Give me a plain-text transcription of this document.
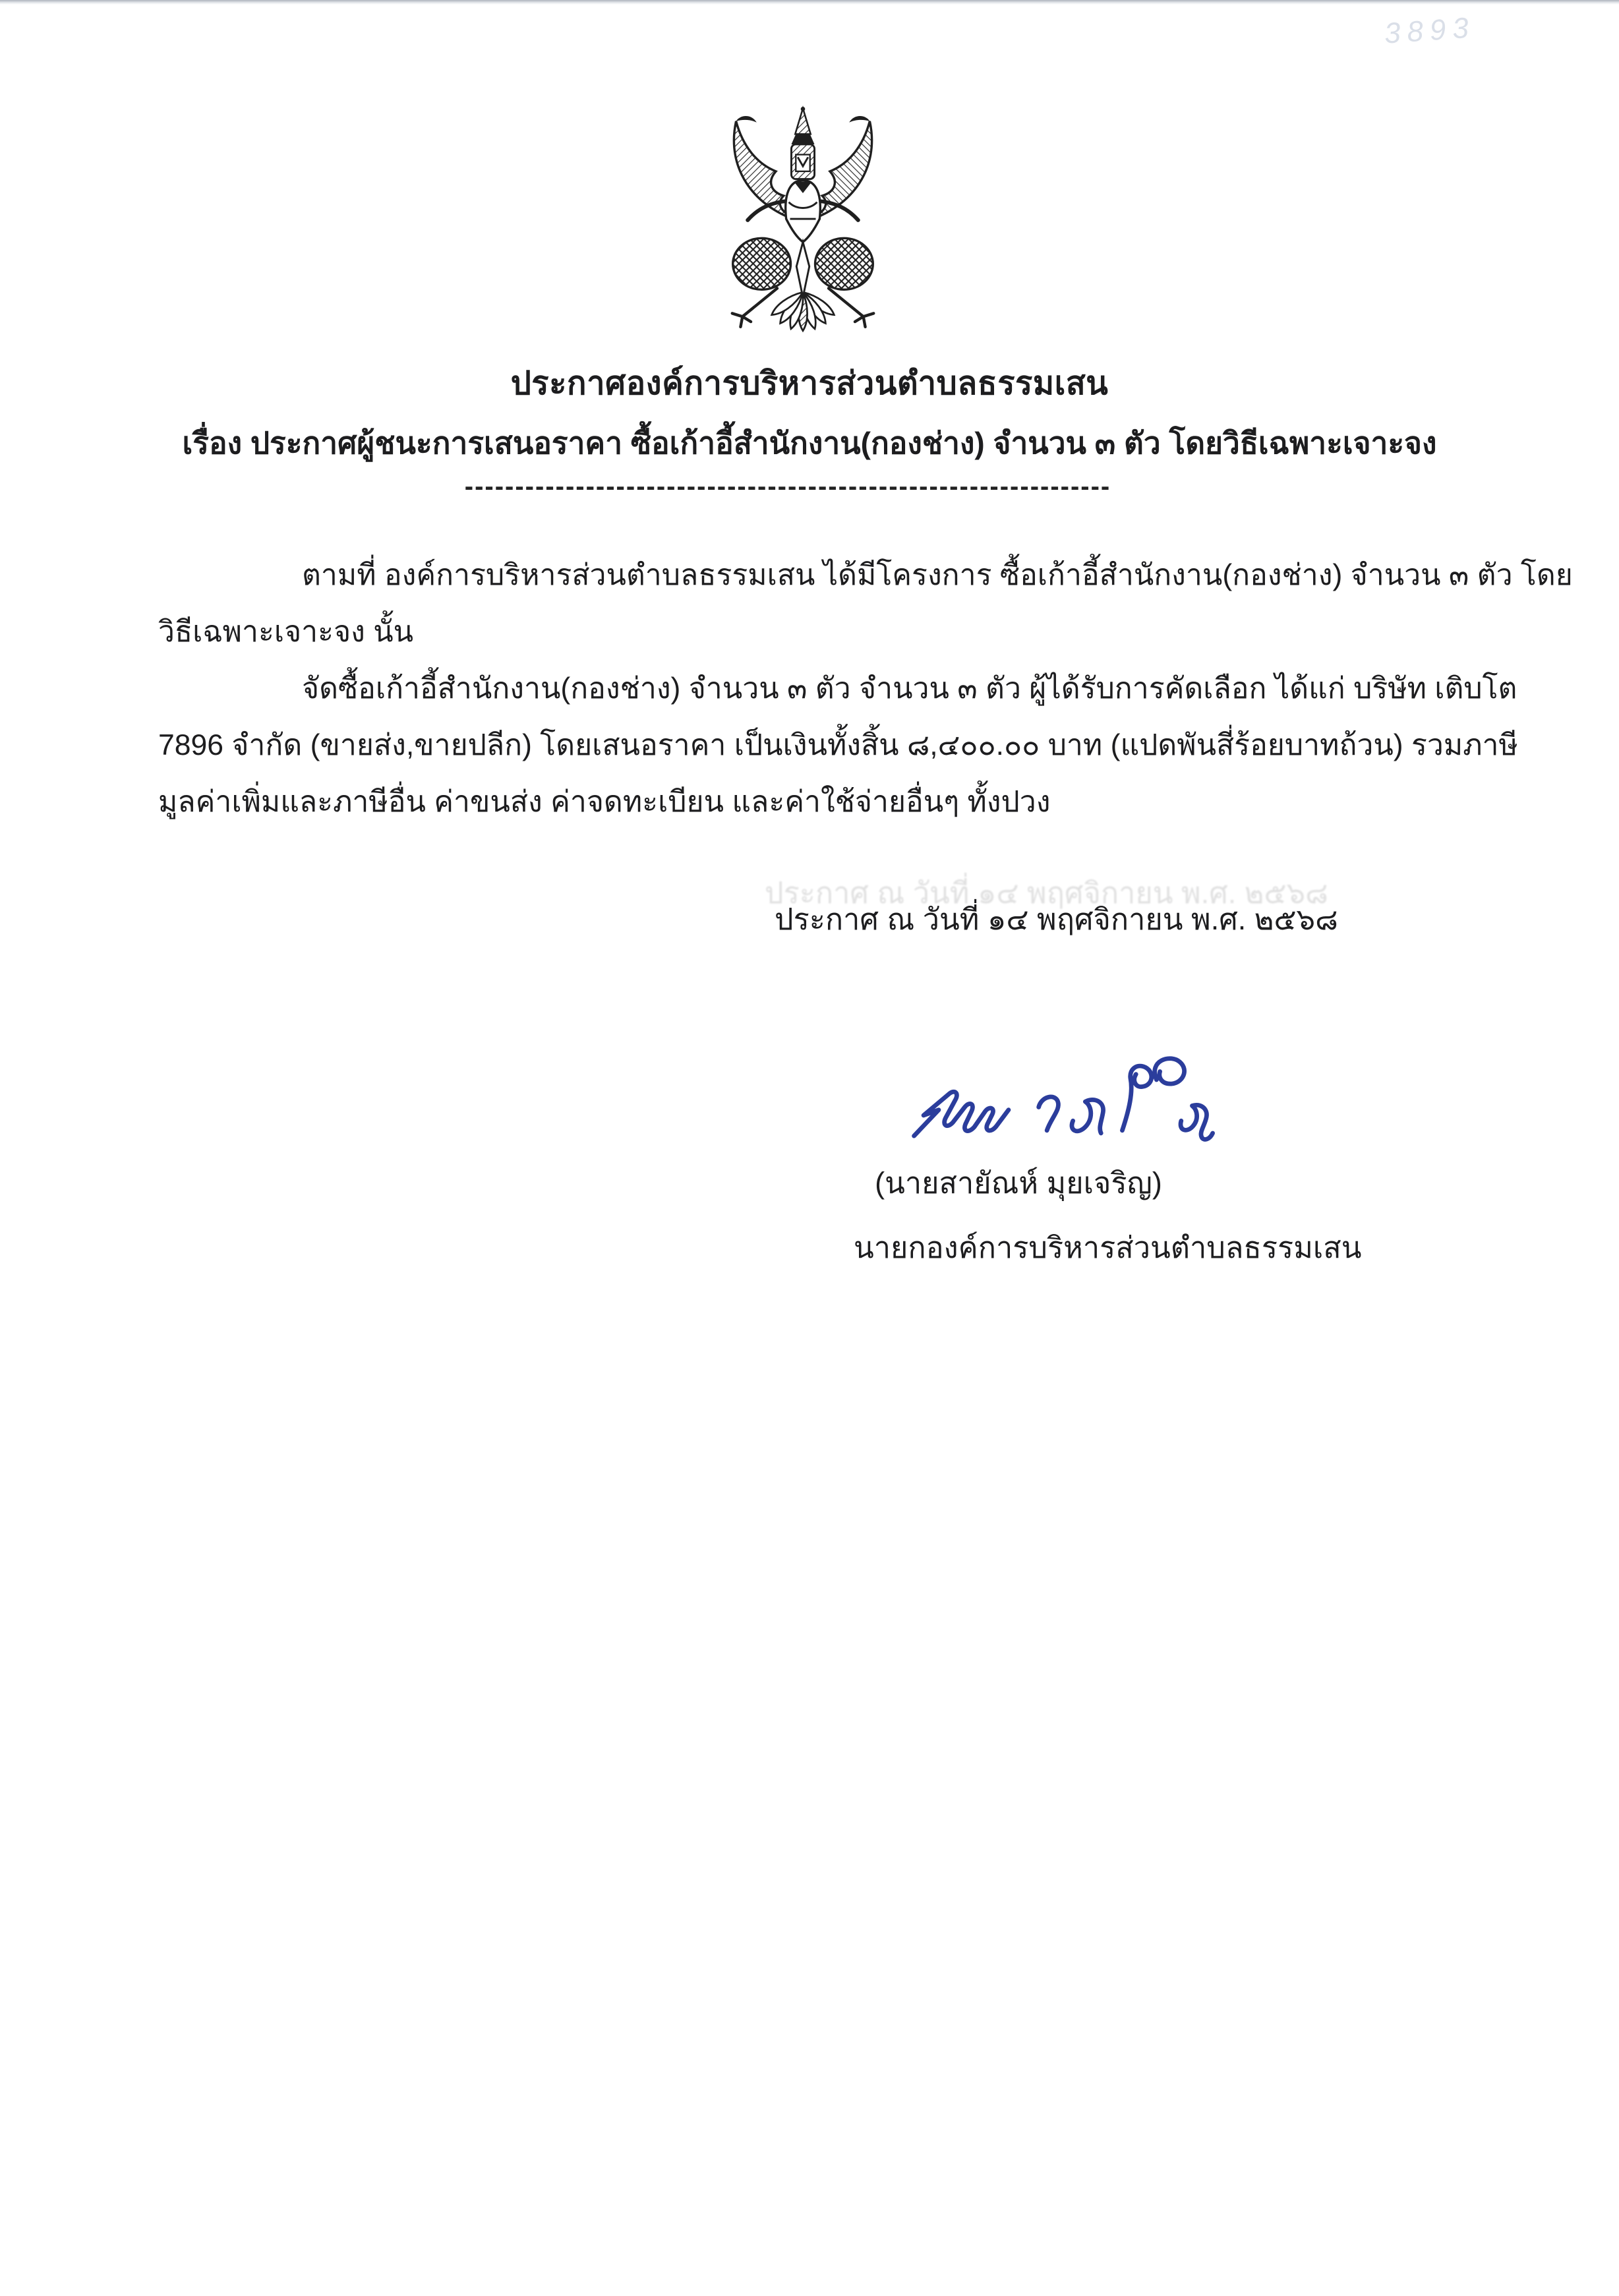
3893
ประกาศองค์การบริหารส่วนตำบลธรรมเสน
เรื่อง ประกาศผู้ชนะการเสนอราคา ซื้อเก้าอี้สำนักงาน(กองช่าง) จำนวน ๓ ตัว โดยวิธีเฉพาะเจาะจง
----------------------------------------------------------------
ตามที่ องค์การบริหารส่วนตำบลธรรมเสน ได้มีโครงการ ซื้อเก้าอี้สำนักงาน(กองช่าง) จำนวน ๓ ตัว โดย
วิธีเฉพาะเจาะจง นั้น
จัดซื้อเก้าอี้สำนักงาน(กองช่าง) จำนวน ๓ ตัว จำนวน ๓ ตัว ผู้ได้รับการคัดเลือก ได้แก่ บริษัท เติบโต
7896 จำกัด (ขายส่ง,ขายปลีก) โดยเสนอราคา เป็นเงินทั้งสิ้น ๘,๔๐๐.๐๐ บาท (แปดพันสี่ร้อยบาทถ้วน) รวมภาษี
มูลค่าเพิ่มและภาษีอื่น ค่าขนส่ง ค่าจดทะเบียน และค่าใช้จ่ายอื่นๆ ทั้งปวง
ประกาศ ณ วันที่ ๑๔ พฤศจิกายน พ.ศ. ๒๕๖๘
ประกาศ ณ วันที่ ๑๔ พฤศจิกายน พ.ศ. ๒๕๖๘
(นายสายัณห์ มุยเจริญ)
นายกองค์การบริหารส่วนตำบลธรรมเสน
